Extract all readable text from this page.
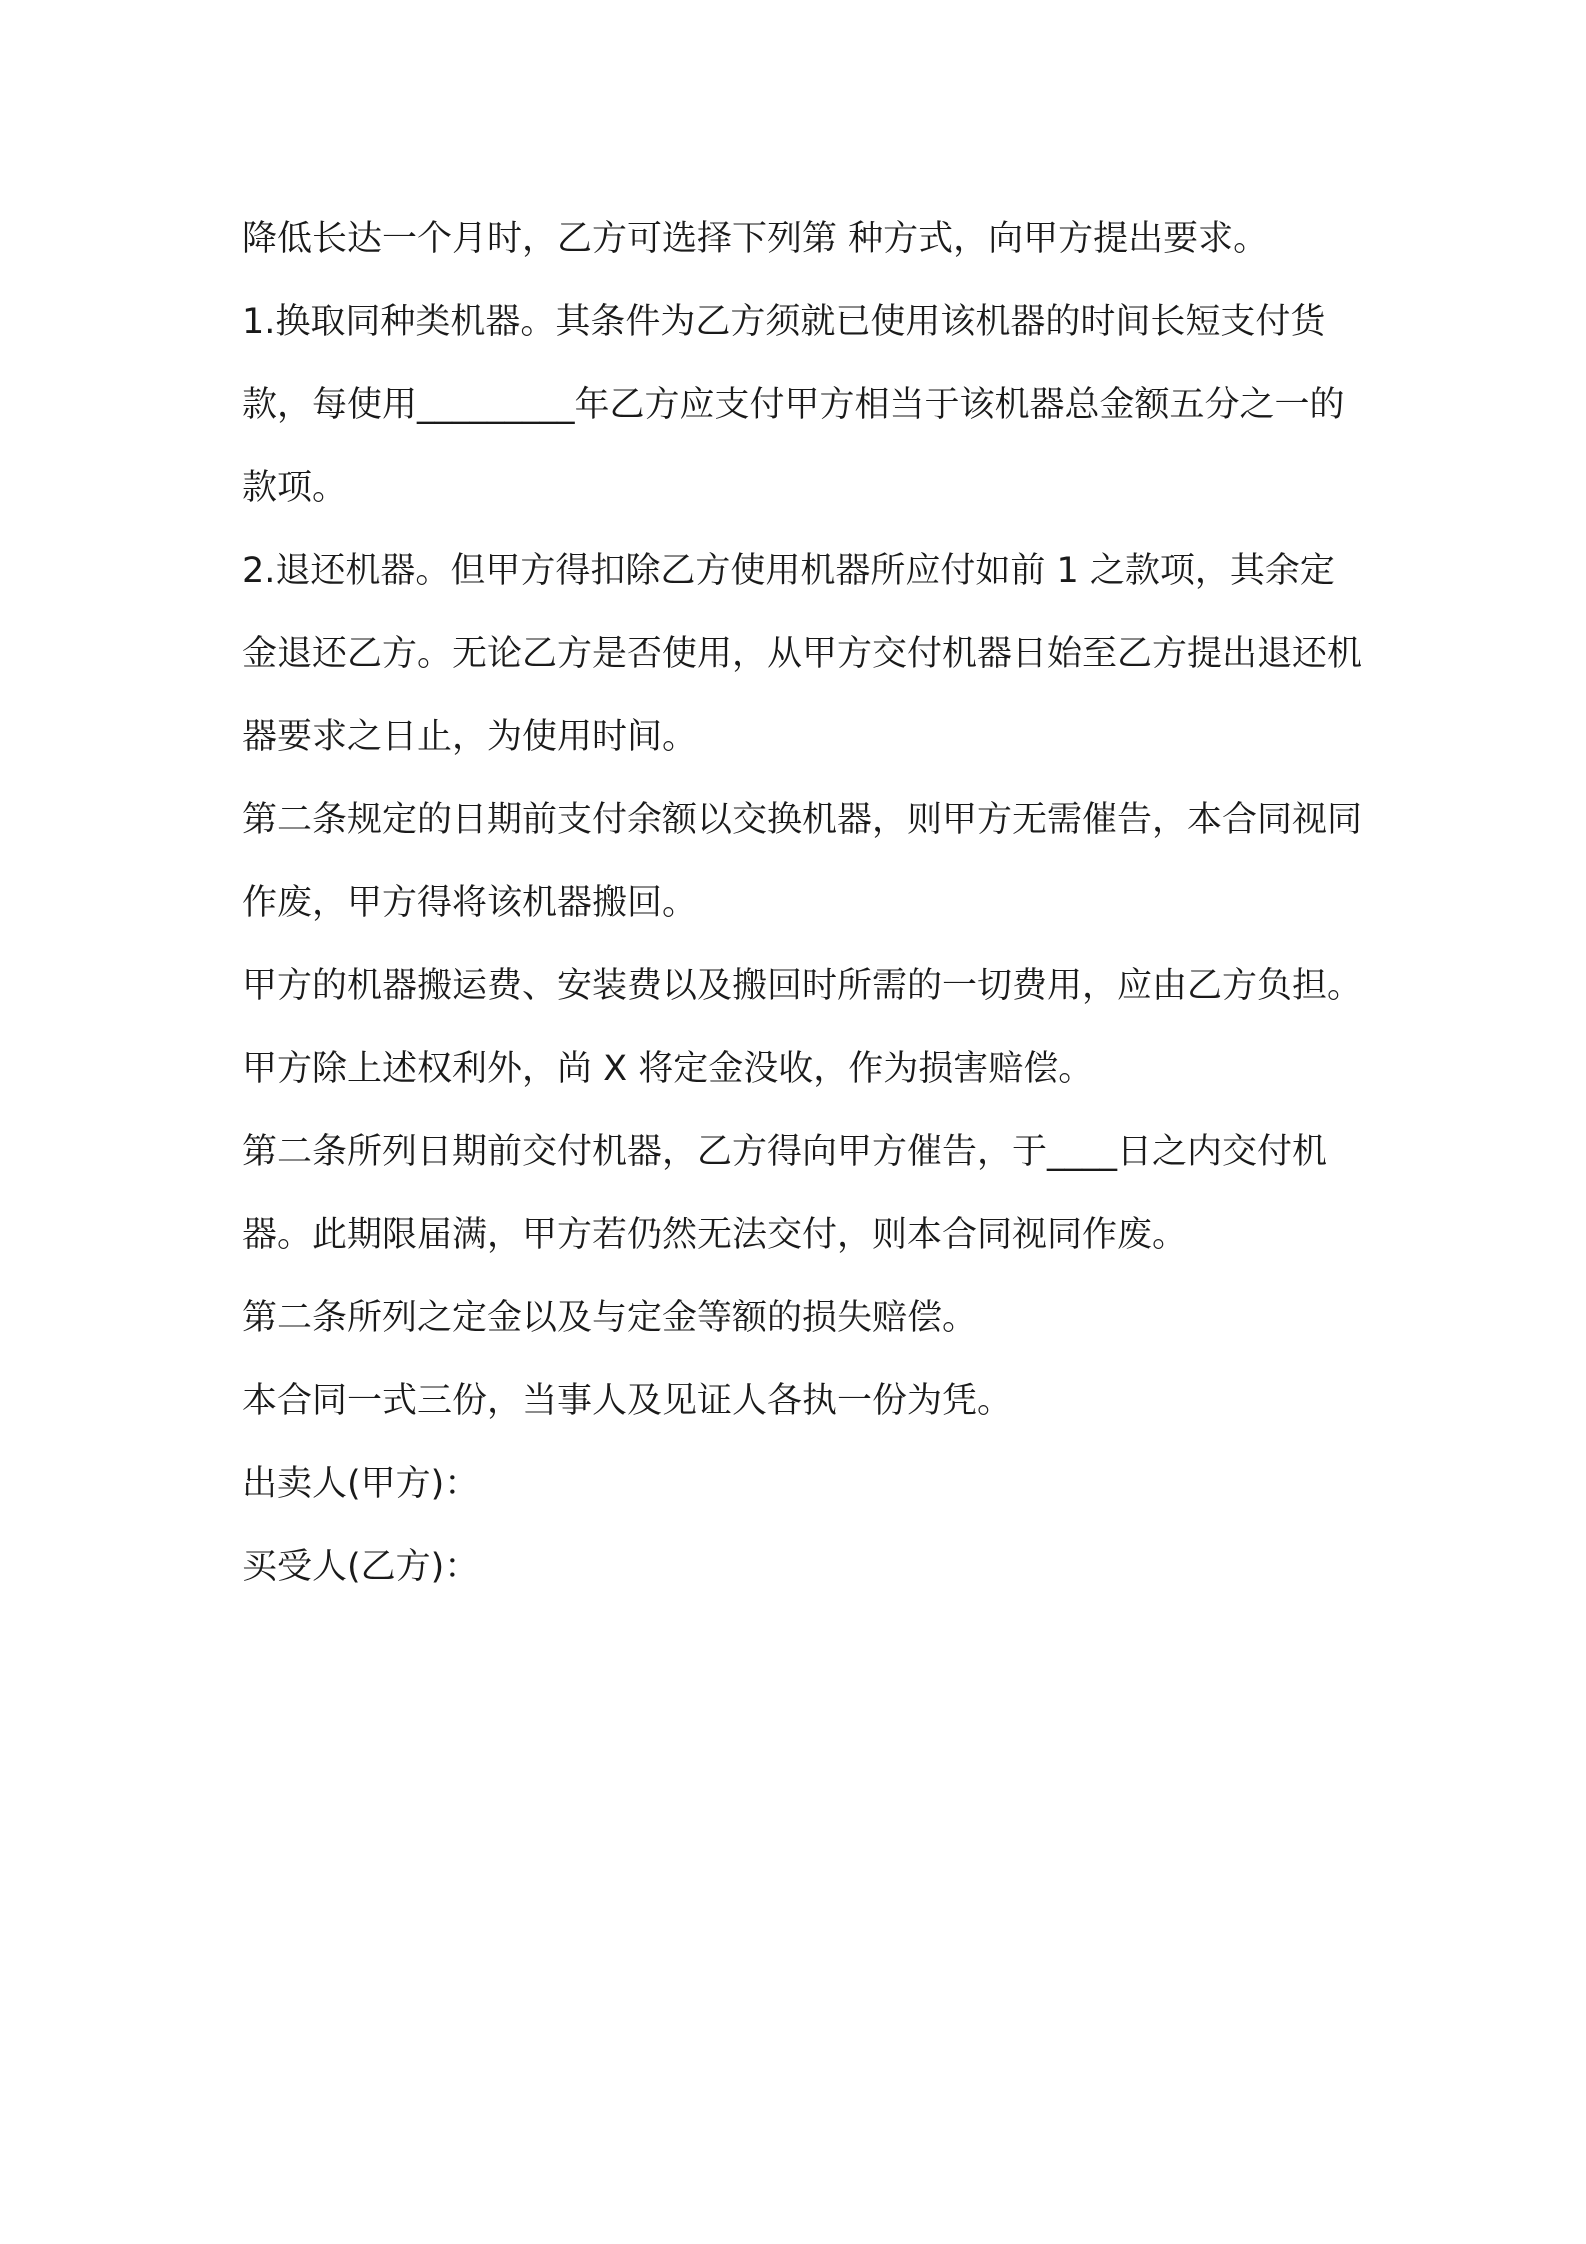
降低长达一个月时，乙方可选择下列第 种方式，向甲方提出要求。

1.换取同种类机器。其条件为乙方须就已使用该机器的时间长短支付货款，每使用_________年乙方应支付甲方相当于该机器总金额五分之一的款项。

2.退还机器。但甲方得扣除乙方使用机器所应付如前 1 之款项，其余定金退还乙方。无论乙方是否使用，从甲方交付机器日始至乙方提出退还机器要求之日止，为使用时间。

第二条规定的日期前支付余额以交换机器，则甲方无需催告，本合同视同作废，甲方得将该机器搬回。

甲方的机器搬运费、安装费以及搬回时所需的一切费用，应由乙方负担。甲方除上述权利外，尚 X 将定金没收，作为损害赔偿。

第二条所列日期前交付机器，乙方得向甲方催告，于____日之内交付机器。此期限届满，甲方若仍然无法交付，则本合同视同作废。

第二条所列之定金以及与定金等额的损失赔偿。

本合同一式三份，当事人及见证人各执一份为凭。

出卖人(甲方)：

买受人(乙方)：
